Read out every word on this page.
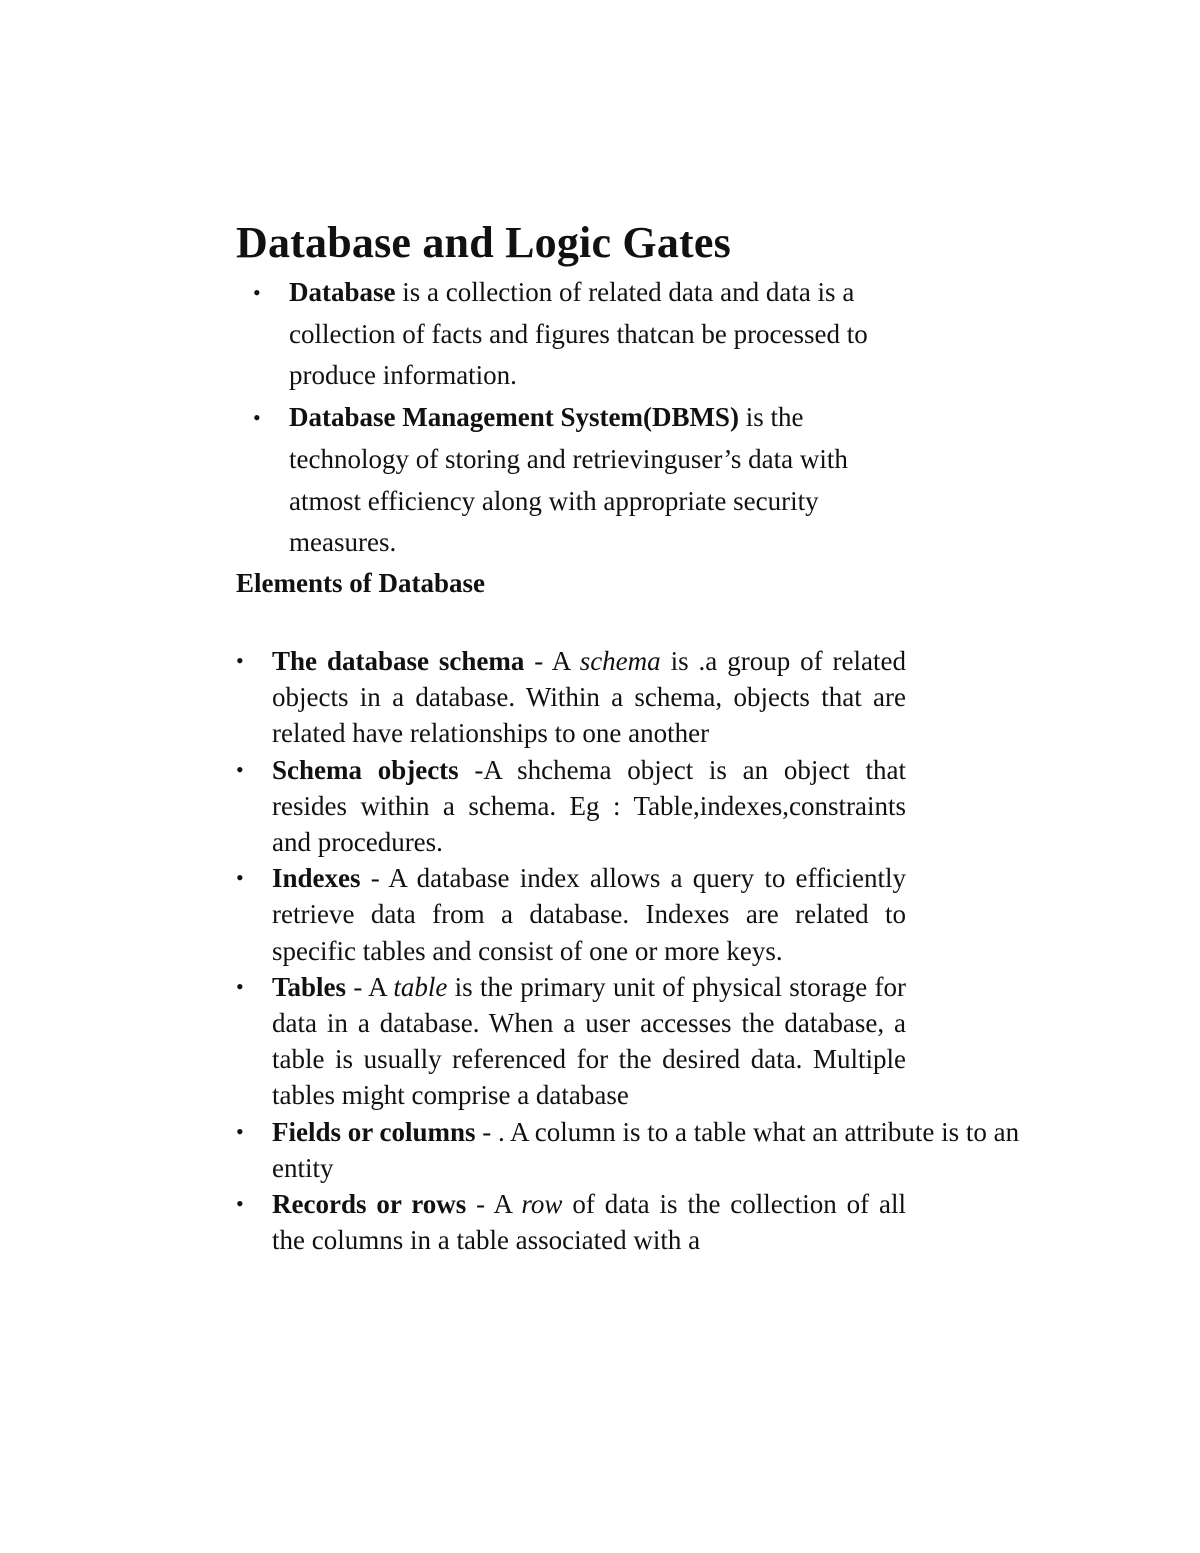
Database and Logic Gates
• Database is a collection of related data and data is a collection of facts and figures thatcan be processed to produce information.
• Database Management System(DBMS) is the technology of storing and retrievinguser’s data with atmost efficiency along with appropriate security measures.
Elements of Database
• The database schema - A schema is .a group of related objects in a database. Within a schema, objects that are related have relationships to one another
• Schema objects -A shchema object is an object that resides within a schema. Eg : Table,indexes,constraints and procedures.
• Indexes - A database index allows a query to efficiently retrieve data from a database. Indexes are related to specific tables and consist of one or more keys.
• Tables - A table is the primary unit of physical storage for data in a database. When a user accesses the database, a table is usually referenced for the desired data. Multiple tables might comprise a database
• Fields or columns - . A column is to a table what an attribute is to an entity
• Records or rows - A row of data is the collection of all the columns in a table associated with a
